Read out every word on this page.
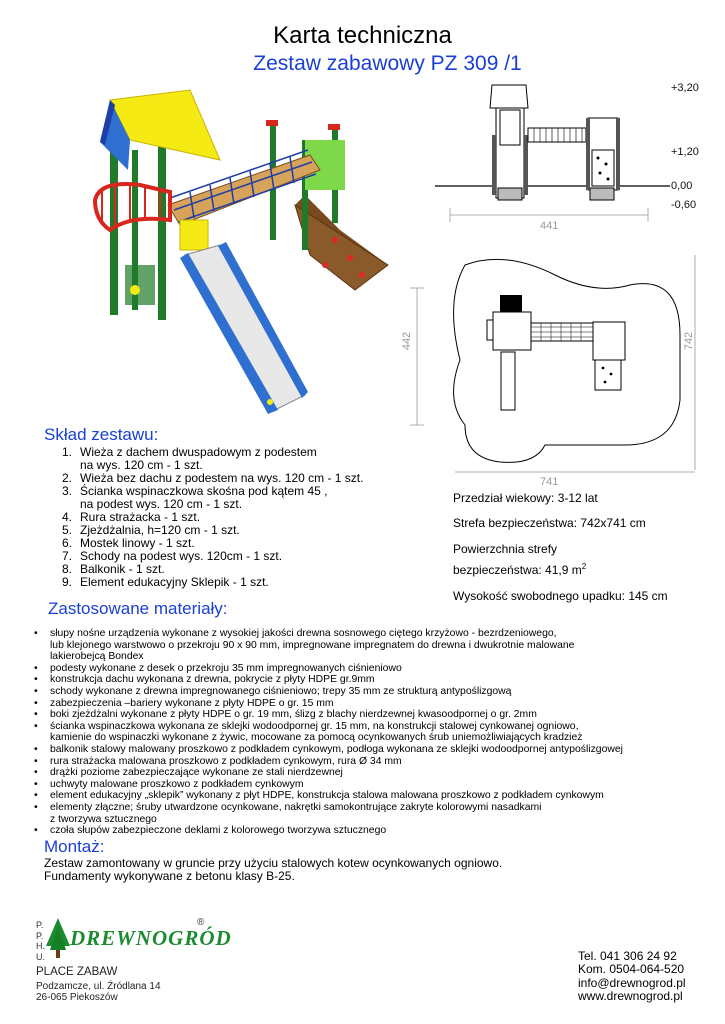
Karta techniczna
Zestaw zabawowy PZ 309 /1
441
+3,20
+1,20
0,00
-0,60
442	742
741
Skład zestawu:
1. Wieża z dachem dwuspadowym z podestem
na wys. 120 cm - 1 szt.
2. Wieża bez dachu z podestem na wys. 120 cm - 1 szt.
3. Ścianka wspinaczkowa skośna pod kątem 45 ,
na podest wys. 120 cm - 1 szt.
4. Rura strażacka - 1 szt.
5. Zjeżdżalnia, h=120 cm - 1 szt.
6. Mostek linowy - 1 szt.
7. Schody na podest wys. 120cm - 1 szt.
8. Balkonik - 1 szt.
9. Element edukacyjny Sklepik - 1 szt.
Przedział wiekowy: 3-12 lat
Strefa bezpieczeństwa: 742x741 cm
Powierzchnia strefy
bezpieczeństwa: 41,9 $m^2$
Wysokość swobodnego upadku: 145 cm
Zastosowane materiały:
• słupy nośne urządzenia wykonane z wysokiej jakości drewna sosnowego ciętego krzyżowo - bezrdzeniowego,
lub klejonego warstwowo o przekroju 90 x 90 mm, impregnowane impregnatem do drewna i dwukrotnie malowane
lakierobejcą Bondex
• podesty wykonane z desek o przekroju 35 mm impregnowanych ciśnieniowo
• konstrukcja dachu wykonana z drewna, pokrycie z płyty HDPE gr.9mm
• schody wykonane z drewna impregnowanego ciśnieniowo; trepy 35 mm ze strukturą antypoślizgową
• zabezpieczenia –bariery wykonane z płyty HDPE o gr. 15 mm
• boki zjeżdżalni wykonane z płyty HDPE o gr. 19 mm, ślizg z blachy nierdzewnej kwasoodpornej o gr. 2mm
• ścianka wspinaczkowa wykonana ze sklejki wodoodpornej gr. 15 mm, na konstrukcji stalowej cynkowanej ogniowo,
kamienie do wspinaczki wykonane z żywic, mocowane za pomocą ocynkowanych śrub uniemożliwiających kradzież
• balkonik stalowy malowany proszkowo z podkładem cynkowym, podłoga wykonana ze sklejki wodoodpornej antypoślizgowej
• rura strażacka malowana proszkowo z podkładem cynkowym, rura Ø 34 mm
• drążki poziome zabezpieczające wykonane ze stali nierdzewnej
• uchwyty malowane proszkowo z podkładem cynkowym
• element edukacyjny „sklepik” wykonany z płyt HDPE, konstrukcja stalowa malowana proszkowo z podkładem cynkowym
• elementy złączne; śruby utwardzone ocynkowane, nakrętki samokontrujące zakryte kolorowymi nasadkami
z tworzywa sztucznego
• czoła słupów zabezpieczone deklami z kolorowego tworzywa sztucznego
Montaż:
Zestaw zamontowany w gruncie przy użyciu stalowych kotew ocynkowanych ogniowo.
Fundamenty wykonywane z betonu klasy B-25.
P.
P.
H.
U.
DREWNOGRÓD
®
PLACE ZABAW
Podzamcze, ul. Źródlana 14
26-065 Piekoszów
Tel. 041 306 24 92
Kom. 0504-064-520
info@drewnogrod.pl
www.drewnogrod.pl
